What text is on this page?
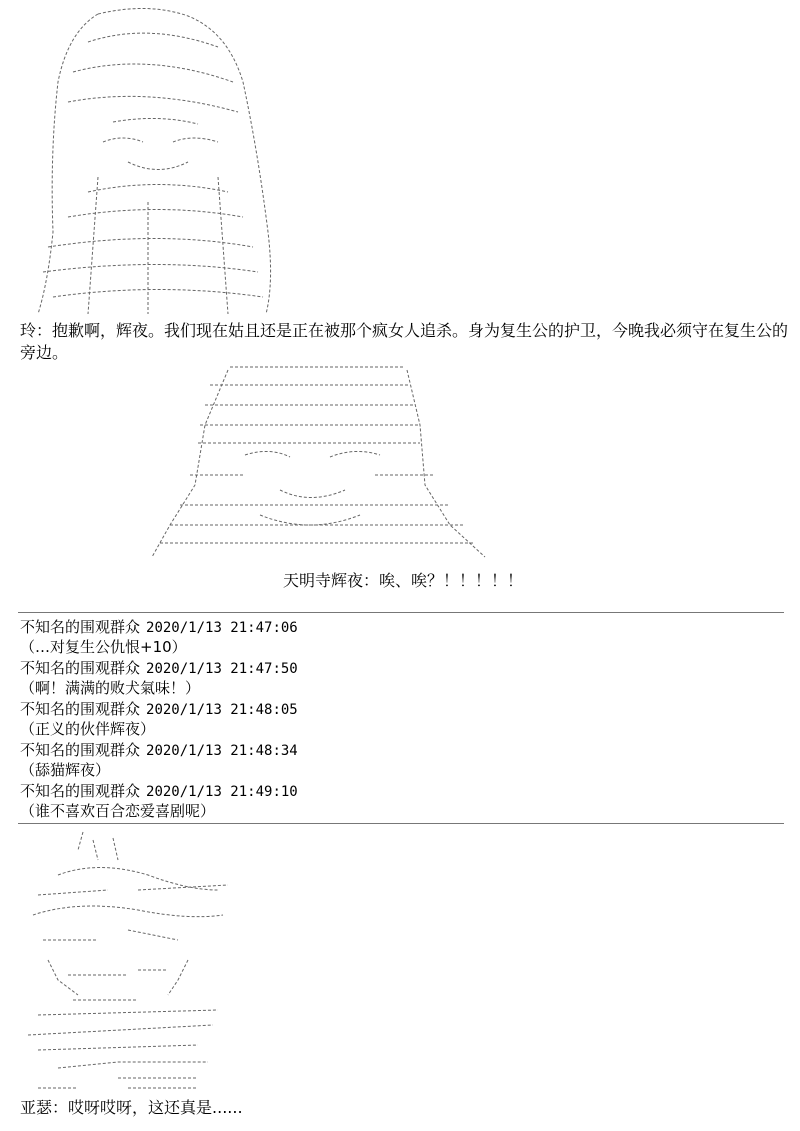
玲：抱歉啊，辉夜。我们现在姑且还是正在被那个疯女人追杀。身为复生公的护卫，今晚我必须守在复生公的旁边。
天明寺辉夜：唉、唉？！！！！！
不知名的围观群众 2020/1/13 21:47:06
（…对复生公仇恨+10）
不知名的围观群众 2020/1/13 21:47:50
（啊！满满的败犬氣味！）
不知名的围观群众 2020/1/13 21:48:05
（正义的伙伴辉夜）
不知名的围观群众 2020/1/13 21:48:34
（舔猫辉夜）
不知名的围观群众 2020/1/13 21:49:10
（谁不喜欢百合恋爱喜剧呢）
亚瑟：哎呀哎呀，这还真是......
